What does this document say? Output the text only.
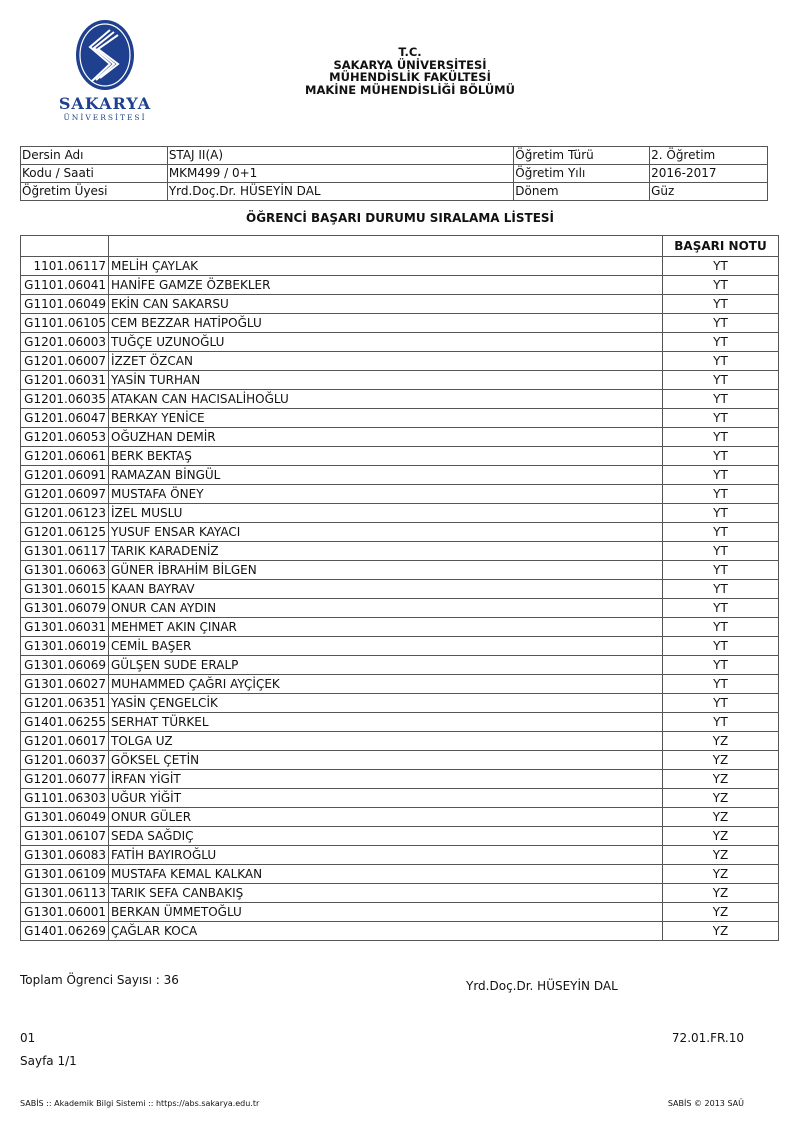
SAKARYA
ÜNİVERSİTESİ
T.C.
SAKARYA ÜNİVERSİTESİ
MÜHENDİSLİK FAKÜLTESİ
MAKİNE MÜHENDİSLİĞİ BÖLÜMÜ
Dersin Adı	STAJ II(A)	Öğretim Türü	2. Öğretim
Kodu / Saati	MKM499 / 0+1	Öğretim Yılı	2016-2017
Öğretim Üyesi	Yrd.Doç.Dr. HÜSEYİN DAL	Dönem	Güz
ÖĞRENCİ BAŞARI DURUMU SIRALAMA LİSTESİ
		BAŞARI NOTU
1101.06117	MELİH ÇAYLAK	YT
G1101.06041	HANİFE GAMZE ÖZBEKLER	YT
G1101.06049	EKİN CAN SAKARSU	YT
G1101.06105	CEM BEZZAR HATİPOĞLU	YT
G1201.06003	TUĞÇE UZUNOĞLU	YT
G1201.06007	İZZET ÖZCAN	YT
G1201.06031	YASİN TURHAN	YT
G1201.06035	ATAKAN CAN HACISALİHOĞLU	YT
G1201.06047	BERKAY YENİCE	YT
G1201.06053	OĞUZHAN DEMİR	YT
G1201.06061	BERK BEKTAŞ	YT
G1201.06091	RAMAZAN BİNGÜL	YT
G1201.06097	MUSTAFA ÖNEY	YT
G1201.06123	İZEL MUSLU	YT
G1201.06125	YUSUF ENSAR KAYACI	YT
G1301.06117	TARIK KARADENİZ	YT
G1301.06063	GÜNER İBRAHİM BİLGEN	YT
G1301.06015	KAAN BAYRAV	YT
G1301.06079	ONUR CAN AYDIN	YT
G1301.06031	MEHMET AKIN ÇINAR	YT
G1301.06019	CEMİL BAŞER	YT
G1301.06069	GÜLŞEN SUDE ERALP	YT
G1301.06027	MUHAMMED ÇAĞRI AYÇİÇEK	YT
G1201.06351	YASİN ÇENGELCİK	YT
G1401.06255	SERHAT TÜRKEL	YT
G1201.06017	TOLGA UZ	YZ
G1201.06037	GÖKSEL ÇETİN	YZ
G1201.06077	İRFAN YİGİT	YZ
G1101.06303	UĞUR YİĞİT	YZ
G1301.06049	ONUR GÜLER	YZ
G1301.06107	SEDA SAĞDIÇ	YZ
G1301.06083	FATİH BAYIROĞLU	YZ
G1301.06109	MUSTAFA KEMAL KALKAN	YZ
G1301.06113	TARIK SEFA CANBAKIŞ	YZ
G1301.06001	BERKAN ÜMMETOĞLU	YZ
G1401.06269	ÇAĞLAR KOCA	YZ
Toplam Ögrenci Sayısı : 36	Yrd.Doç.Dr. HÜSEYİN DAL
01	72.01.FR.10
Sayfa 1/1
SABİS :: Akademik Bilgi Sistemi :: https://abs.sakarya.edu.tr	SABİS © 2013 SAÜ
